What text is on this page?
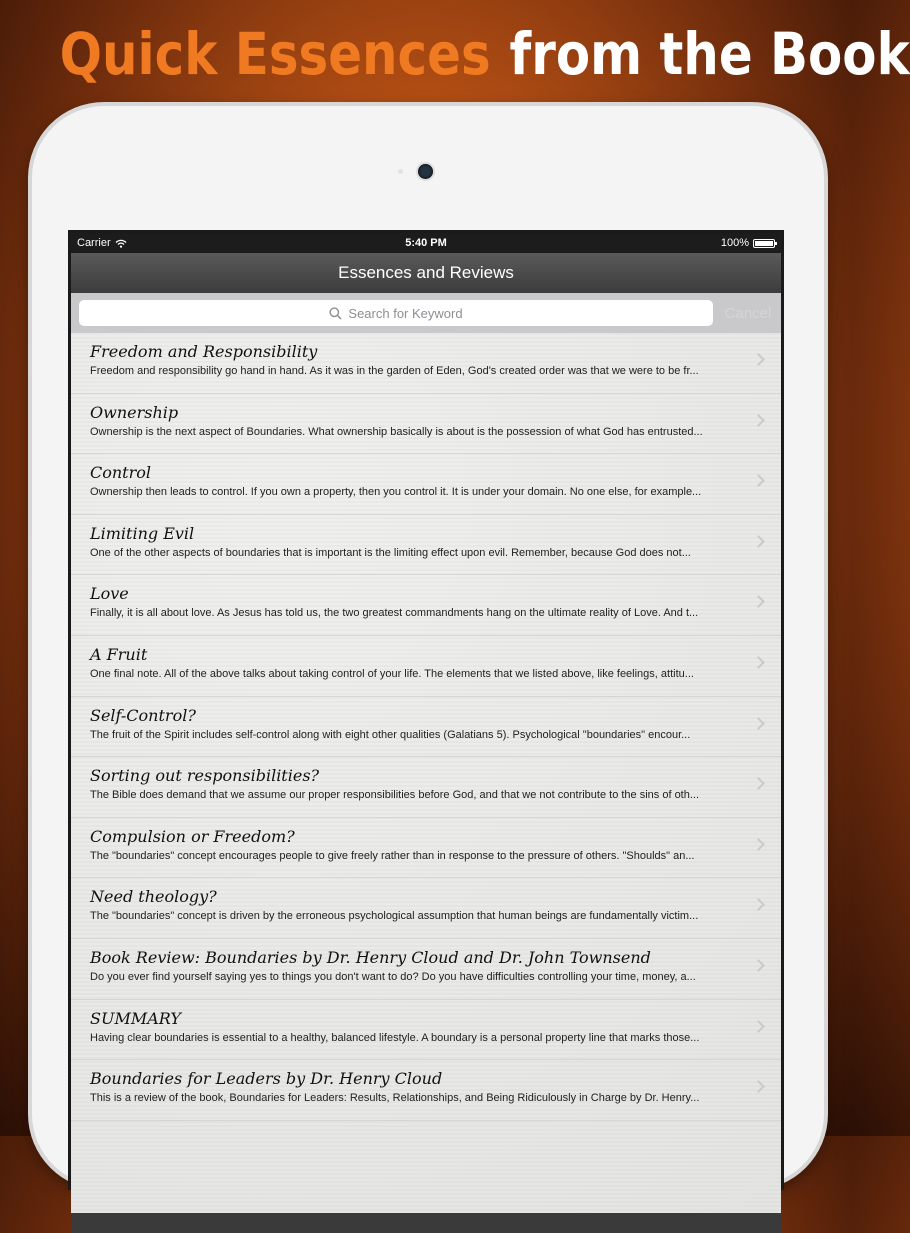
Quick Essences from the Book
Carrier	5:40 PM	100%
Essences and Reviews
Search for Keyword	Cancel
Freedom and Responsibility
Freedom and responsibility go hand in hand. As it was in the garden of Eden, God's created order was that we were to be fr...
Ownership
Ownership is the next aspect of Boundaries. What ownership basically is about is the possession of what God has entrusted...
Control
Ownership then leads to control. If you own a property, then you control it. It is under your domain. No one else, for example...
Limiting Evil
One of the other aspects of boundaries that is important is the limiting effect upon evil. Remember, because God does not...
Love
Finally, it is all about love. As Jesus has told us, the two greatest commandments hang on the ultimate reality of Love. And t...
A Fruit
One final note. All of the above talks about taking control of your life. The elements that we listed above, like feelings, attitu...
Self-Control?
The fruit of the Spirit includes self-control along with eight other qualities (Galatians 5). Psychological "boundaries" encour...
Sorting out responsibilities?
The Bible does demand that we assume our proper responsibilities before God, and that we not contribute to the sins of oth...
Compulsion or Freedom?
The "boundaries" concept encourages people to give freely rather than in response to the pressure of others. "Shoulds" an...
Need theology?
The "boundaries" concept is driven by the erroneous psychological assumption that human beings are fundamentally victim...
Book Review: Boundaries by Dr. Henry Cloud and Dr. John Townsend
Do you ever find yourself saying yes to things you don't want to do? Do you have difficulties controlling your time, money, a...
SUMMARY
Having clear boundaries is essential to a healthy, balanced lifestyle. A boundary is a personal property line that marks those...
Boundaries for Leaders by Dr. Henry Cloud
This is a review of the book, Boundaries for Leaders: Results, Relationships, and Being Ridiculously in Charge by Dr. Henry...
